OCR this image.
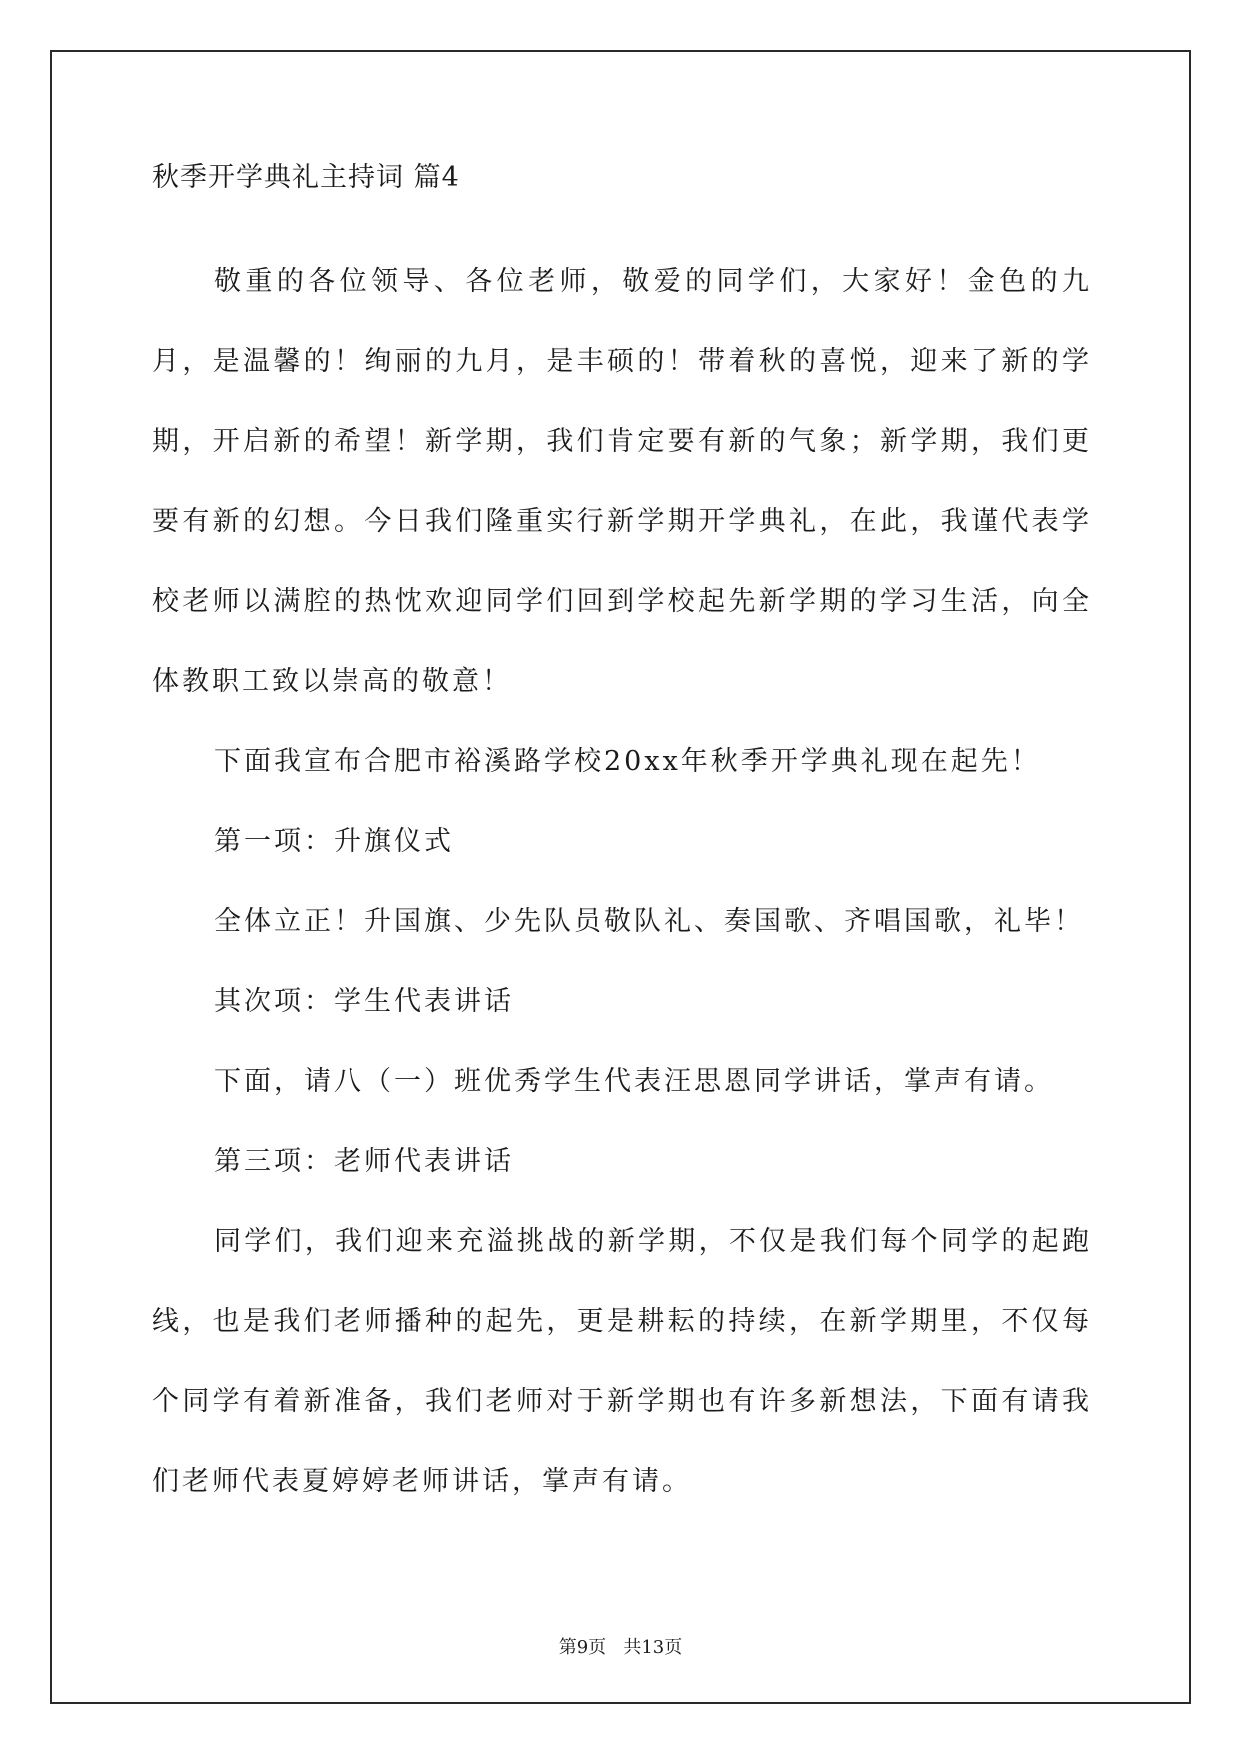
秋季开学典礼主持词 篇4

敬重的各位领导、各位老师，敬爱的同学们，大家好！金色的九月，是温馨的！绚丽的九月，是丰硕的！带着秋的喜悦，迎来了新的学期，开启新的希望！新学期，我们肯定要有新的气象；新学期，我们更要有新的幻想。今日我们隆重实行新学期开学典礼，在此，我谨代表学校老师以满腔的热忱欢迎同学们回到学校起先新学期的学习生活，向全体教职工致以崇高的敬意！

下面我宣布合肥市裕溪路学校20xx年秋季开学典礼现在起先！

第一项：升旗仪式

全体立正！升国旗、少先队员敬队礼、奏国歌、齐唱国歌，礼毕！

其次项：学生代表讲话

下面，请八（一）班优秀学生代表汪思恩同学讲话，掌声有请。

第三项：老师代表讲话

同学们，我们迎来充溢挑战的新学期，不仅是我们每个同学的起跑线，也是我们老师播种的起先，更是耕耘的持续，在新学期里，不仅每个同学有着新准备，我们老师对于新学期也有许多新想法，下面有请我们老师代表夏婷婷老师讲话，掌声有请。

第9页   共13页
